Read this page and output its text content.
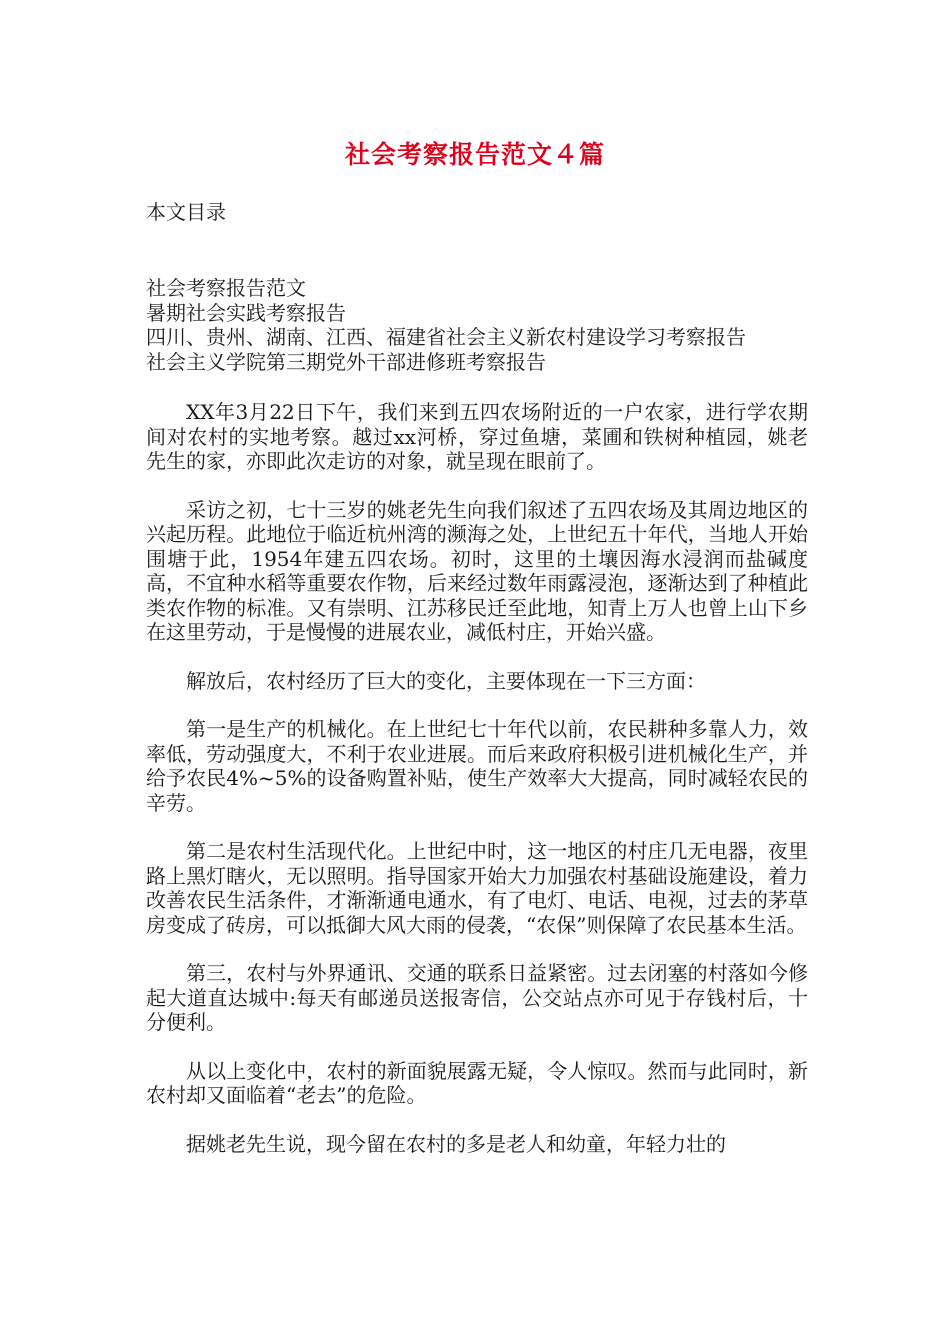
社会考察报告范文４篇
本文目录
社会考察报告范文
暑期社会实践考察报告
四川、贵州、湖南、江西、福建省社会主义新农村建设学习考察报告
社会主义学院第三期党外干部进修班考察报告

XX年3月22日下午，我们来到五四农场附近的一户农家，进行学农期间对农村的实地考察。越过xx河桥，穿过鱼塘，菜圃和铁树种植园，姚老先生的家，亦即此次走访的对象，就呈现在眼前了。

采访之初，七十三岁的姚老先生向我们叙述了五四农场及其周边地区的兴起历程。此地位于临近杭州湾的濒海之处，上世纪五十年代，当地人开始围塘于此，1954年建五四农场。初时，这里的土壤因海水浸润而盐碱度高，不宜种水稻等重要农作物，后来经过数年雨露浸泡，逐渐达到了种植此类农作物的标准。又有崇明、江苏移民迁至此地，知青上万人也曾上山下乡在这里劳动，于是慢慢的进展农业，减低村庄，开始兴盛。

解放后，农村经历了巨大的变化，主要体现在一下三方面：

第一是生产的机械化。在上世纪七十年代以前，农民耕种多靠人力，效率低，劳动强度大，不利于农业进展。而后来政府积极引进机械化生产，并给予农民4%~5%的设备购置补贴，使生产效率大大提高，同时减轻农民的辛劳。

第二是农村生活现代化。上世纪中时，这一地区的村庄几无电器，夜里路上黑灯瞎火，无以照明。指导国家开始大力加强农村基础设施建设，着力改善农民生活条件，才渐渐通电通水，有了电灯、电话、电视，过去的茅草房变成了砖房，可以抵御大风大雨的侵袭，“农保”则保障了农民基本生活。

第三，农村与外界通讯、交通的联系日益紧密。过去闭塞的村落如今修起大道直达城中:每天有邮递员送报寄信，公交站点亦可见于存钱村后，十分便利。

从以上变化中，农村的新面貌展露无疑，令人惊叹。然而与此同时，新农村却又面临着“老去”的危险。

据姚老先生说，现今留在农村的多是老人和幼童，年轻力壮的
